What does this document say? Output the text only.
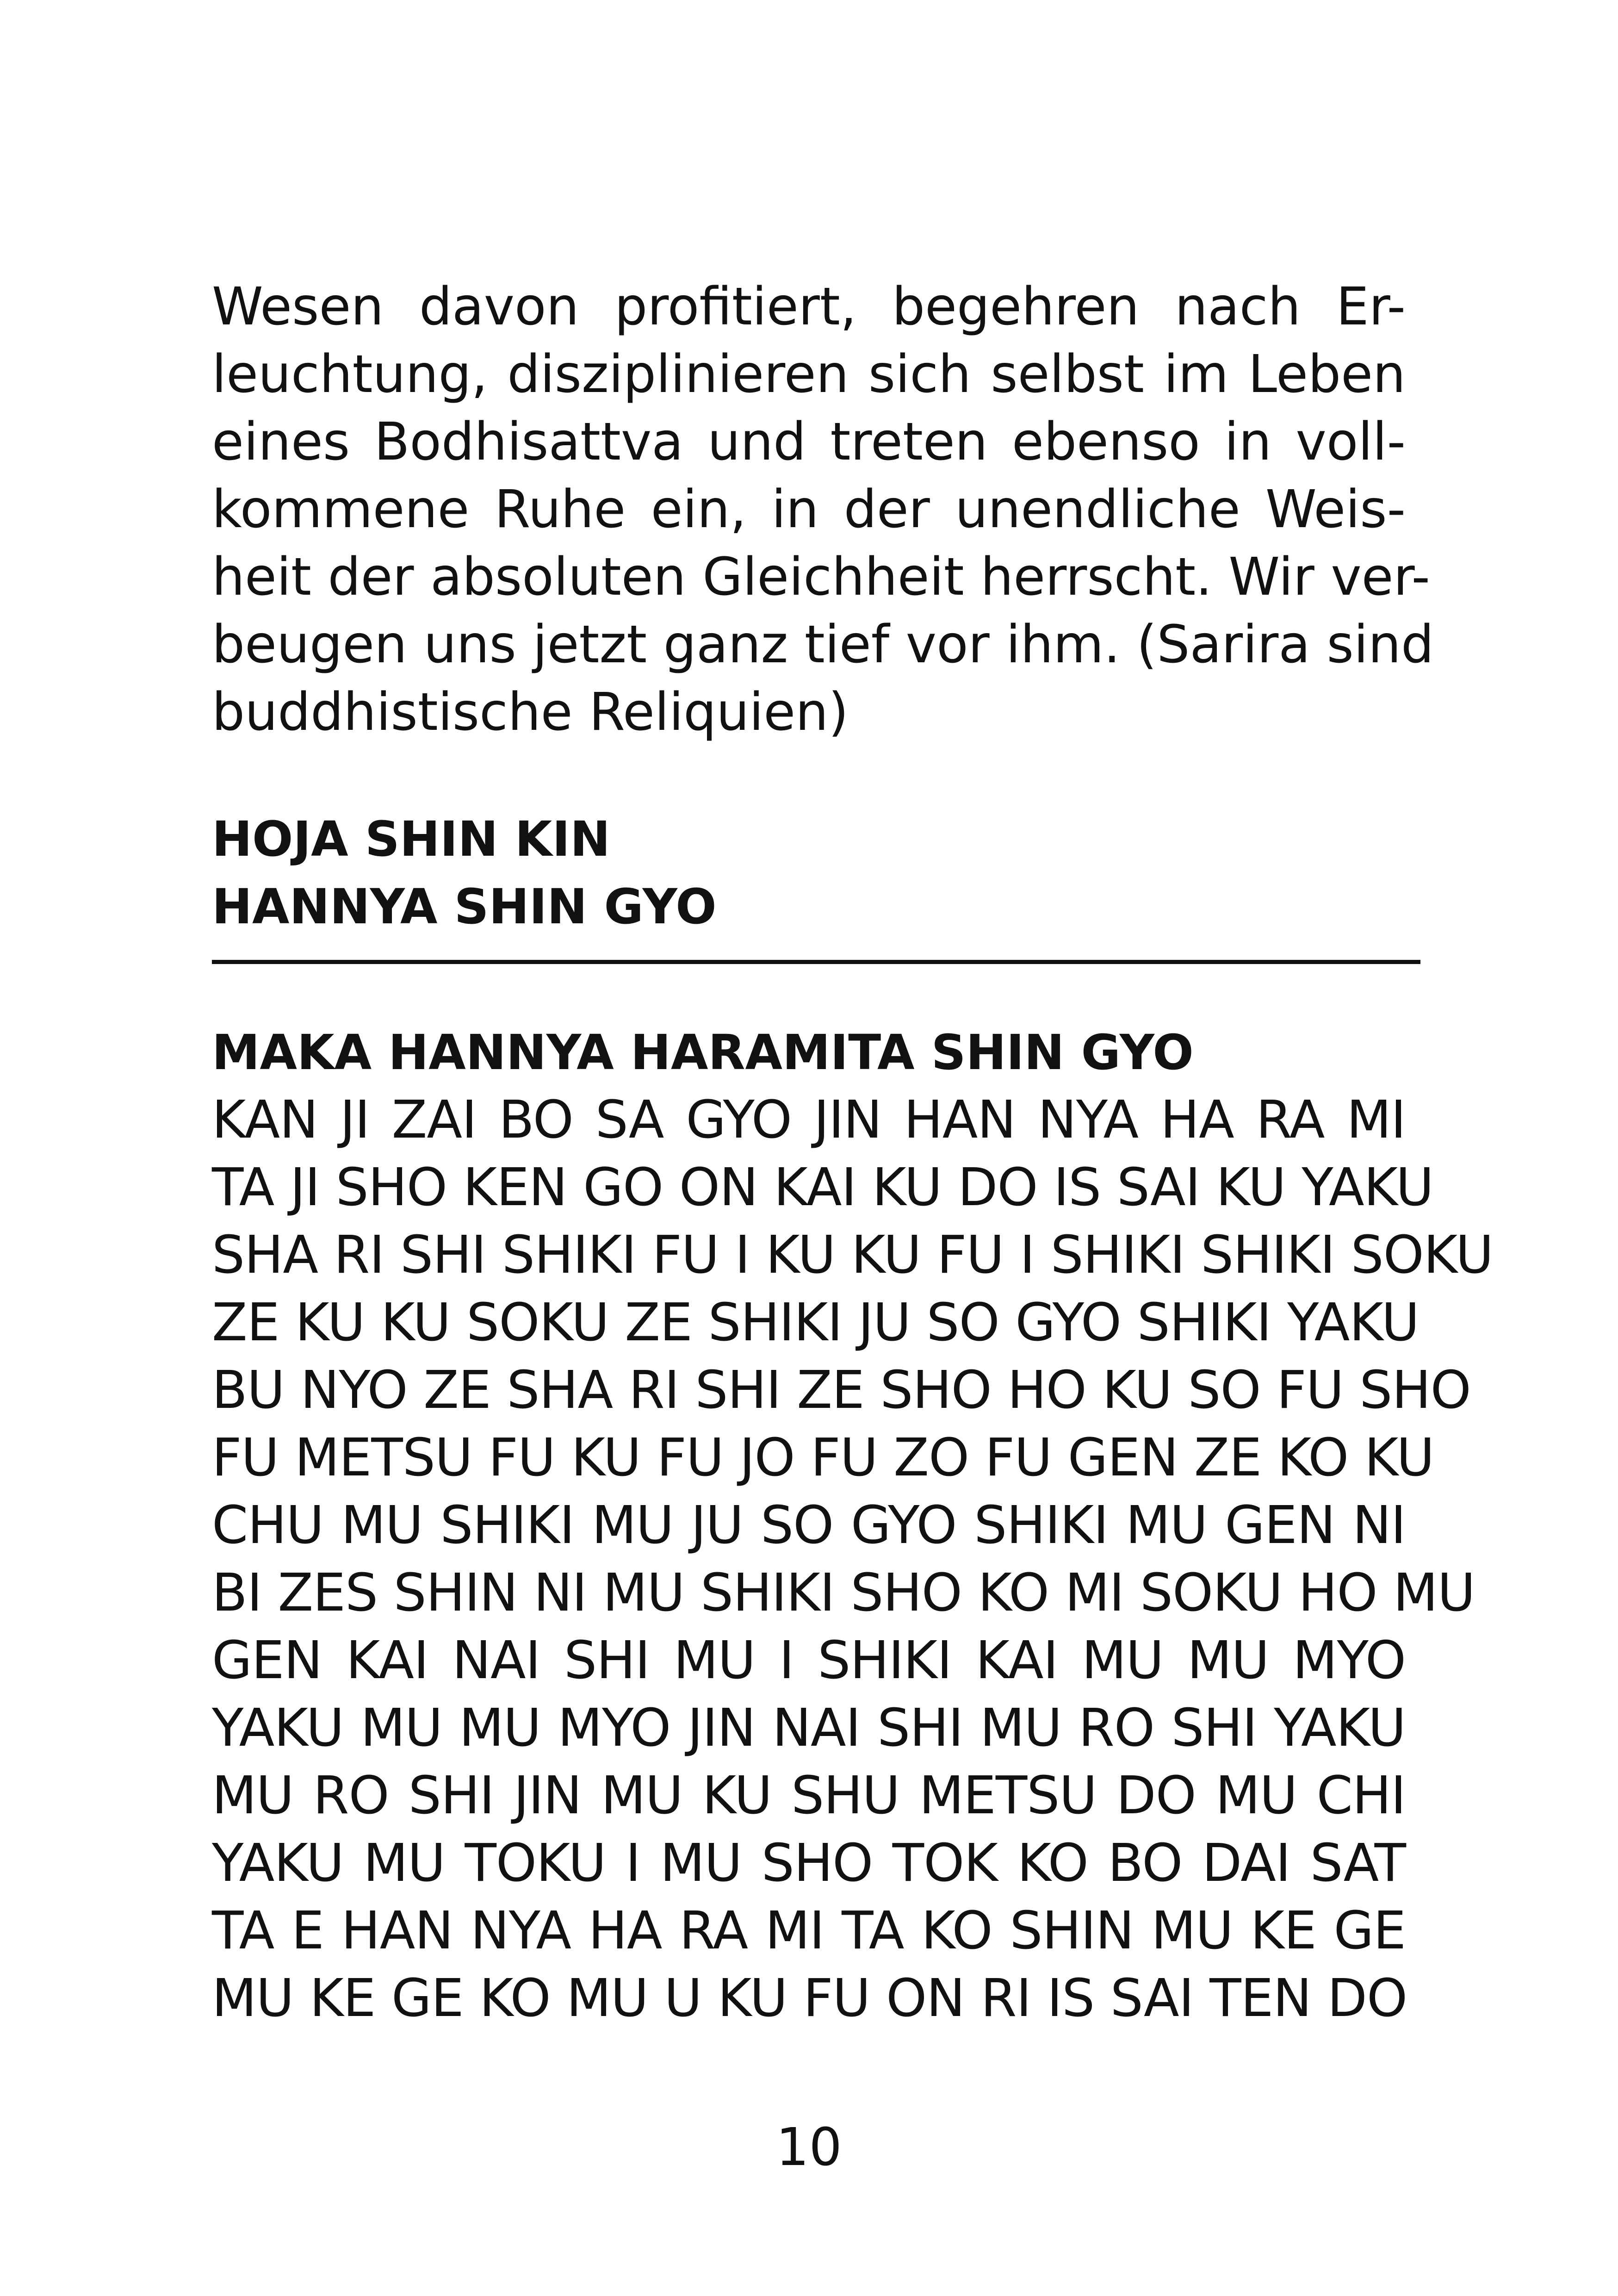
Wesen davon profitiert, begehren nach Er-
leuchtung, disziplinieren sich selbst im Leben
eines Bodhisattva und treten ebenso in voll-
kommene Ruhe ein, in der unendliche Weis-
heit der absoluten Gleichheit herrscht. Wir ver-
beugen uns jetzt ganz tief vor ihm. (Sarira sind
buddhistische Reliquien)
HOJA SHIN KIN
HANNYA SHIN GYO
MAKA HANNYA HARAMITA SHIN GYO
KAN JI ZAI BO SA GYO JIN HAN NYA HA RA MI
TA JI SHO KEN GO ON KAI KU DO IS SAI KU YAKU
SHA RI SHI SHIKI FU I KU KU FU I SHIKI SHIKI SOKU
ZE KU KU SOKU ZE SHIKI JU SO GYO SHIKI YAKU
BU NYO ZE SHA RI SHI ZE SHO HO KU SO FU SHO
FU METSU FU KU FU JO FU ZO FU GEN ZE KO KU
CHU MU SHIKI MU JU SO GYO SHIKI MU GEN NI
BI ZES SHIN NI MU SHIKI SHO KO MI SOKU HO MU
GEN KAI NAI SHI MU I SHIKI KAI MU MU MYO
YAKU MU MU MYO JIN NAI SHI MU RO SHI YAKU
MU RO SHI JIN MU KU SHU METSU DO MU CHI
YAKU MU TOKU I MU SHO TOK KO BO DAI SAT
TA E HAN NYA HA RA MI TA KO SHIN MU KE GE
MU KE GE KO MU U KU FU ON RI IS SAI TEN DO
10
